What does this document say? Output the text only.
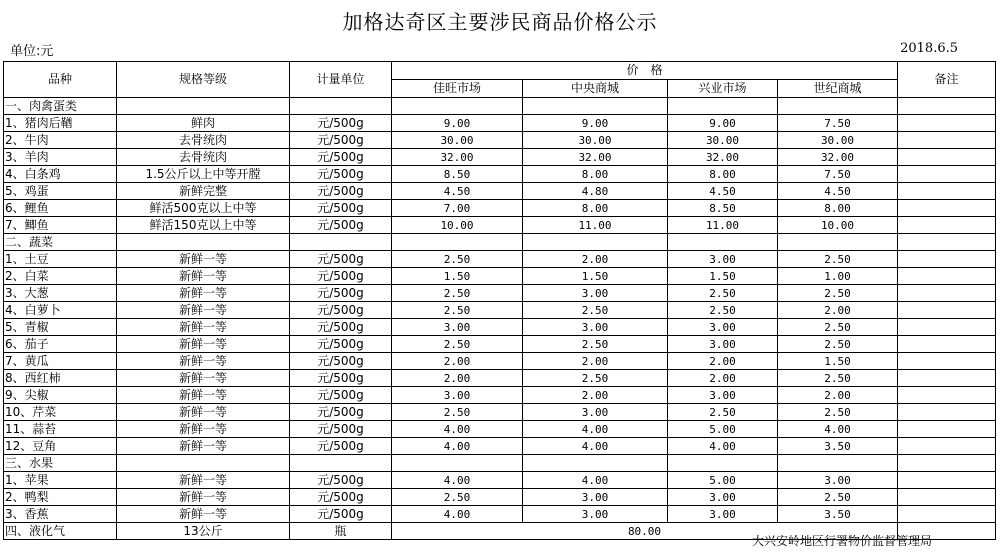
加格达奇区主要涉民商品价格公示
单位:元	2018.6.5
品种	规格等级	计量单位	价　格				备注
			佳旺市场	中央商城	兴业市场	世纪商城	
一、肉禽蛋类							
1、猪肉后鞧	鲜肉	元/500g	9.00	9.00	9.00	7.50	
2、牛肉	去骨统肉	元/500g	30.00	30.00	30.00	30.00	
3、羊肉	去骨统肉	元/500g	32.00	32.00	32.00	32.00	
4、白条鸡	1.5公斤以上中等开膛	元/500g	8.50	8.00	8.00	7.50	
5、鸡蛋	新鲜完整	元/500g	4.50	4.80	4.50	4.50	
6、鲤鱼	鲜活500克以上中等	元/500g	7.00	8.00	8.50	8.00	
7、鲫鱼	鲜活150克以上中等	元/500g	10.00	11.00	11.00	10.00	
二、蔬菜							
1、土豆	新鲜一等	元/500g	2.50	2.00	3.00	2.50	
2、白菜	新鲜一等	元/500g	1.50	1.50	1.50	1.00	
3、大葱	新鲜一等	元/500g	2.50	3.00	2.50	2.50	
4、白萝卜	新鲜一等	元/500g	2.50	2.50	2.50	2.00	
5、青椒	新鲜一等	元/500g	3.00	3.00	3.00	2.50	
6、茄子	新鲜一等	元/500g	2.50	2.50	3.00	2.50	
7、黄瓜	新鲜一等	元/500g	2.00	2.00	2.00	1.50	
8、西红柿	新鲜一等	元/500g	2.00	2.50	2.00	2.50	
9、尖椒	新鲜一等	元/500g	3.00	2.00	3.00	2.00	
10、芹菜	新鲜一等	元/500g	2.50	3.00	2.50	2.50	
11、蒜苔	新鲜一等	元/500g	4.00	4.00	5.00	4.00	
12、豆角	新鲜一等	元/500g	4.00	4.00	4.00	3.50	
三、水果							
1、苹果	新鲜一等	元/500g	4.00	4.00	5.00	3.00	
2、鸭梨	新鲜一等	元/500g	2.50	3.00	3.00	2.50	
3、香蕉	新鲜一等	元/500g	4.00	3.00	3.00	3.50	
四、液化气	13公斤	瓶	80.00				
大兴安岭地区行署物价监督管理局
